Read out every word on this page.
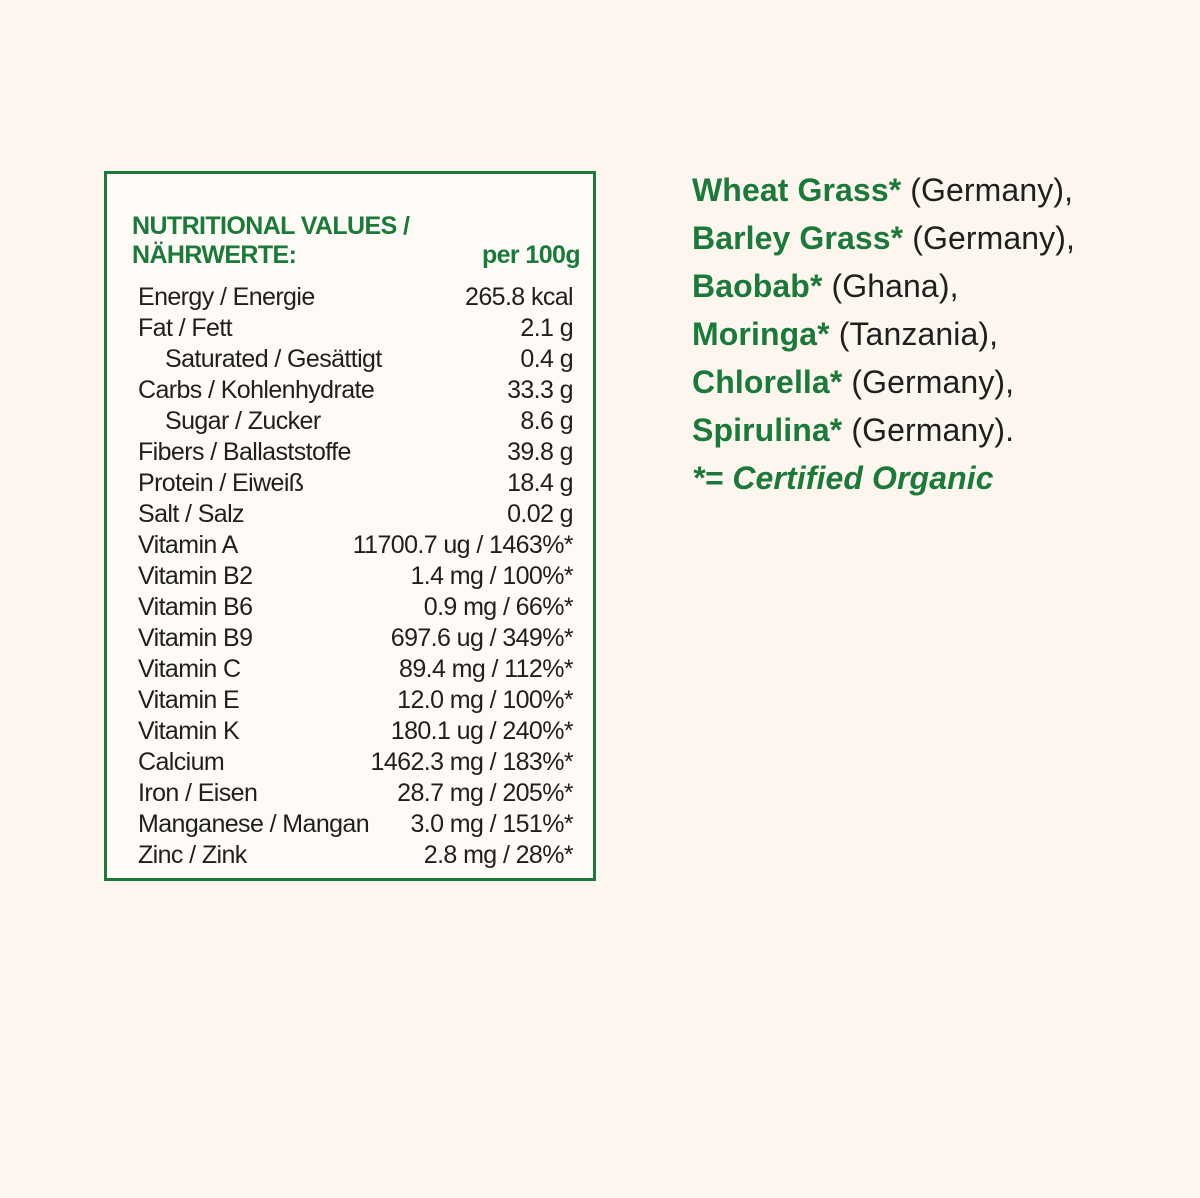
NUTRITIONAL VALUES /
NÄHRWERTE:	per 100g
Energy / Energie	265.8 kcal
Fat / Fett	2.1 g
Saturated / Gesättigt	0.4 g
Carbs / Kohlenhydrate	33.3 g
Sugar / Zucker	8.6 g
Fibers / Ballaststoffe	39.8 g
Protein / Eiweiß	18.4 g
Salt / Salz	0.02 g
Vitamin A	11700.7 ug / 1463%*
Vitamin B2	1.4 mg / 100%*
Vitamin B6	0.9 mg / 66%*
Vitamin B9	697.6 ug / 349%*
Vitamin C	89.4 mg / 112%*
Vitamin E	12.0 mg / 100%*
Vitamin K	180.1 ug / 240%*
Calcium	1462.3 mg / 183%*
Iron / Eisen	28.7 mg / 205%*
Manganese / Mangan 3.0 mg / 151%*
Zinc / Zink	2.8 mg / 28%*
Wheat Grass* (Germany),
Barley Grass* (Germany),
Baobab* (Ghana),
Moringa* (Tanzania),
Chlorella* (Germany),
Spirulina* (Germany).
*= Certified Organic
